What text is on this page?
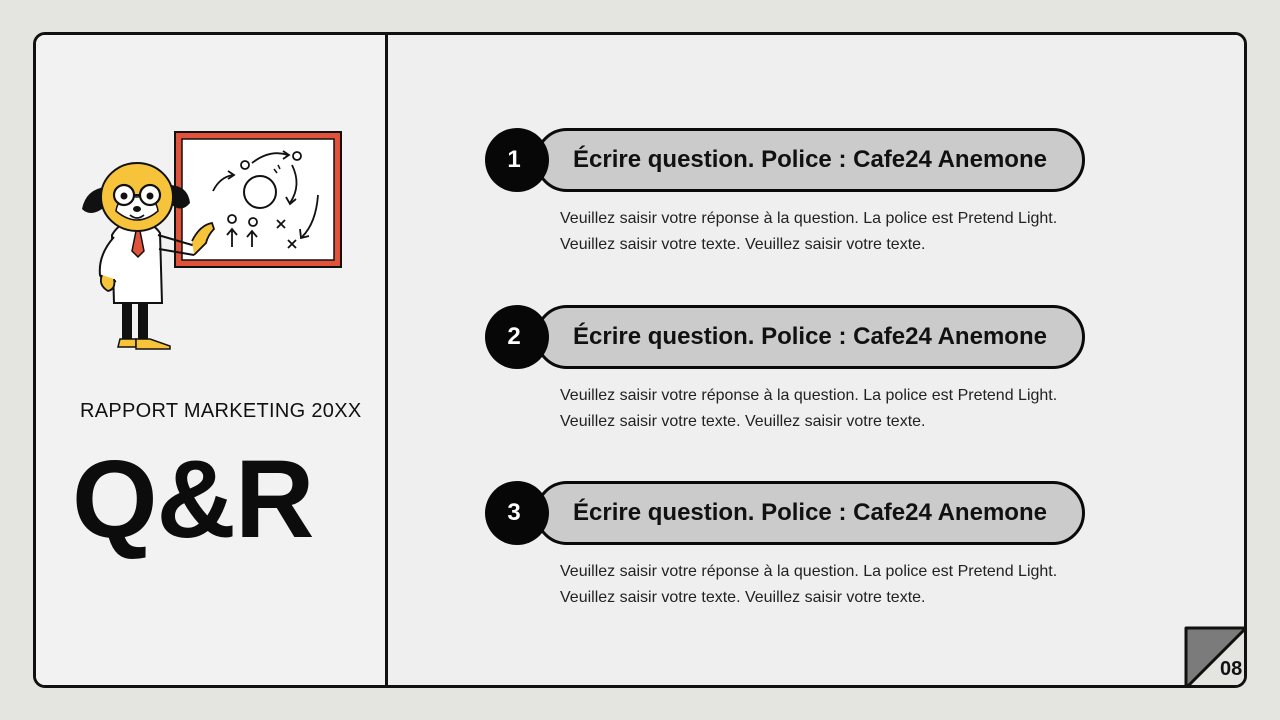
RAPPORT MARKETING 20XX
Q&R
Écrire question. Police : Cafe24 Anemone
1
Veuillez saisir votre réponse à la question. La police est Pretend Light.
Veuillez saisir votre texte. Veuillez saisir votre texte.
Écrire question. Police : Cafe24 Anemone
2
Veuillez saisir votre réponse à la question. La police est Pretend Light.
Veuillez saisir votre texte. Veuillez saisir votre texte.
Écrire question. Police : Cafe24 Anemone
3
Veuillez saisir votre réponse à la question. La police est Pretend Light.
Veuillez saisir votre texte. Veuillez saisir votre texte.
08
